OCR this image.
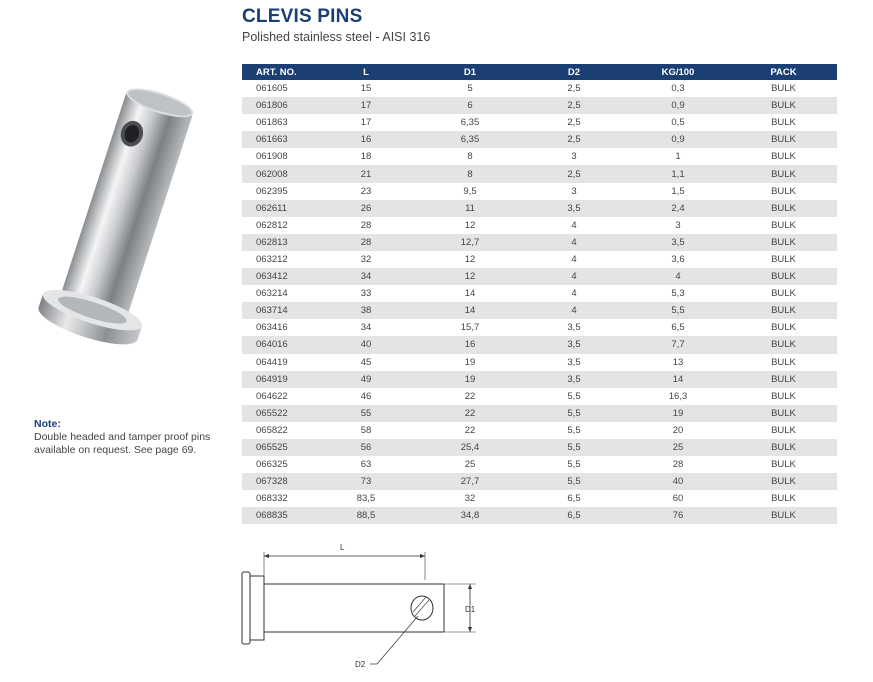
CLEVIS PINS
Polished stainless steel - AISI 316
ART. NO.	L	D1	D2	KG/100	PACK
061605	15	5	2,5	0,3	BULK
061806	17	6	2,5	0,9	BULK
061863	17	6,35	2,5	0,5	BULK
061663	16	6,35	2,5	0,9	BULK
061908	18	8	3	1	BULK
062008	21	8	2,5	1,1	BULK
062395	23	9,5	3	1,5	BULK
062611	26	11	3,5	2,4	BULK
062812	28	12	4	3	BULK
062813	28	12,7	4	3,5	BULK
063212	32	12	4	3,6	BULK
063412	34	12	4	4	BULK
063214	33	14	4	5,3	BULK
063714	38	14	4	5,5	BULK
063416	34	15,7	3,5	6,5	BULK
064016	40	16	3,5	7,7	BULK
064419	45	19	3,5	13	BULK
064919	49	19	3,5	14	BULK
064622	46	22	5,5	16,3	BULK
065522	55	22	5,5	19	BULK
065822	58	22	5,5	20	BULK
065525	56	25,4	5,5	25	BULK
066325	63	25	5,5	28	BULK
067328	73	27,7	5,5	40	BULK
068332	83,5	32	6,5	60	BULK
068835	88,5	34,8	6,5	76	BULK
Note:
Double headed and tamper proof pins available on request. See page 69.
L
D1
D2
